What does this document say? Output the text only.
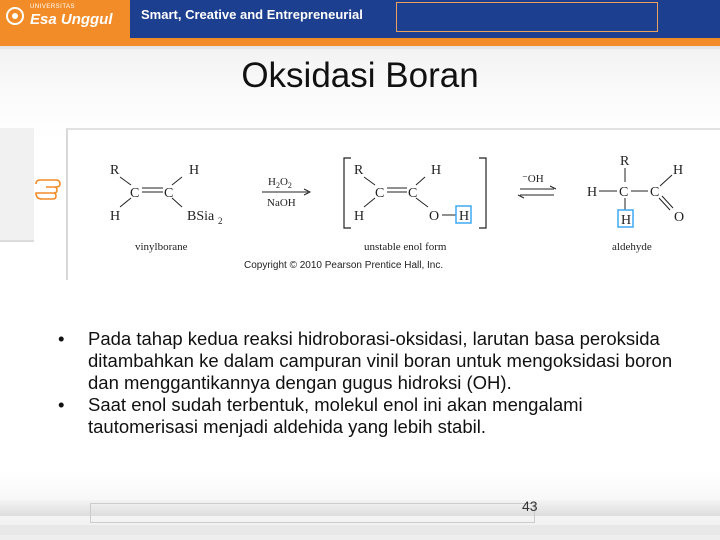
UNIVERSITAS
Esa Unggul Smart, Creative and Entrepreneurial
Oksidasi Boran
R	H
C C
H	BSia 2
vinylborane
$H_2O_2$
NaOH
R	H
C C
H	O H
unstable enol form
⁻OH
R
H C C
H
O
H
aldehyde
Copyright © 2010 Pearson Prentice Hall, Inc.
• Pada tahap kedua reaksi hidroborasi-oksidasi, larutan basa peroksida ditambahkan ke dalam campuran vinil boran untuk mengoksidasi boron dan menggantikannya dengan gugus hidroksi (OH).
• Saat enol sudah terbentuk, molekul enol ini akan mengalami tautomerisasi menjadi aldehida yang lebih stabil.
43
